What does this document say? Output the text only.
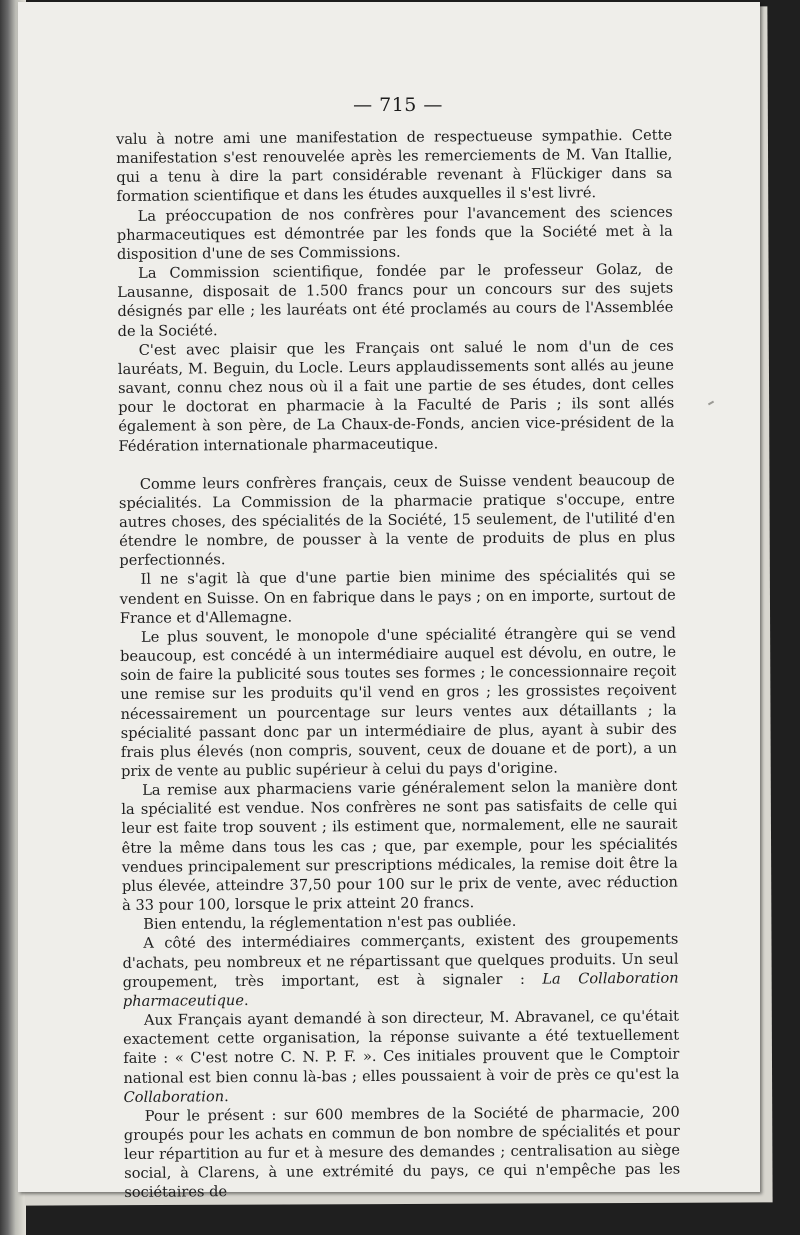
— 715 —

valu à notre ami une manifestation de respectueuse sympathie. Cette manifestation s'est renouvelée après les remerciements de M. Van Itallie, qui a tenu à dire la part considérable revenant à Flückiger dans sa formation scientifique et dans les études auxquelles il s'est livré.

La préoccupation de nos confrères pour l'avancement des sciences pharmaceutiques est démontrée par les fonds que la Société met à la disposition d'une de ses Commissions.

La Commission scientifique, fondée par le professeur Golaz, de Lausanne, disposait de 1.500 francs pour un concours sur des sujets désignés par elle ; les lauréats ont été proclamés au cours de l'Assemblée de la Société.

C'est avec plaisir que les Français ont salué le nom d'un de ces lauréats, M. Beguin, du Locle. Leurs applaudissements sont allés au jeune savant, connu chez nous où il a fait une partie de ses études, dont celles pour le doctorat en pharmacie à la Faculté de Paris ; ils sont allés également à son père, de La Chaux-de-Fonds, ancien vice-président de la Fédération internationale pharmaceutique.

Comme leurs confrères français, ceux de Suisse vendent beaucoup de spécialités. La Commission de la pharmacie pratique s'occupe, entre autres choses, des spécialités de la Société, 15 seulement, de l'utilité d'en étendre le nombre, de pousser à la vente de produits de plus en plus perfectionnés.

Il ne s'agit là que d'une partie bien minime des spécialités qui se vendent en Suisse. On en fabrique dans le pays ; on en importe, surtout de France et d'Allemagne.

Le plus souvent, le monopole d'une spécialité étrangère qui se vend beaucoup, est concédé à un intermédiaire auquel est dévolu, en outre, le soin de faire la publicité sous toutes ses formes ; le concessionnaire reçoit une remise sur les produits qu'il vend en gros ; les grossistes reçoivent nécessairement un pourcentage sur leurs ventes aux détaillants ; la spécialité passant donc par un intermédiaire de plus, ayant à subir des frais plus élevés (non compris, souvent, ceux de douane et de port), a un prix de vente au public supérieur à celui du pays d'origine.

La remise aux pharmaciens varie généralement selon la manière dont la spécialité est vendue. Nos confrères ne sont pas satisfaits de celle qui leur est faite trop souvent ; ils estiment que, normalement, elle ne saurait être la même dans tous les cas ; que, par exemple, pour les spécialités vendues principalement sur prescriptions médicales, la remise doit être la plus élevée, atteindre 37,50 pour 100 sur le prix de vente, avec réduction à 33 pour 100, lorsque le prix atteint 20 francs.

Bien entendu, la réglementation n'est pas oubliée.

A côté des intermédiaires commerçants, existent des groupements d'achats, peu nombreux et ne répartissant que quelques produits. Un seul groupement, très important, est à signaler : La Collaboration pharmaceutique.

Aux Français ayant demandé à son directeur, M. Abravanel, ce qu'était exactement cette organisation, la réponse suivante a été textuellement faite : « C'est notre C. N. P. F. ». Ces initiales prouvent que le Comptoir national est bien connu là-bas ; elles poussaient à voir de près ce qu'est la Collaboration.

Pour le présent : sur 600 membres de la Société de pharmacie, 200 groupés pour les achats en commun de bon nombre de spécialités et pour leur répartition au fur et à mesure des demandes ; centralisation au siège social, à Clarens, à une extrémité du pays, ce qui n'empêche pas les sociétaires de
